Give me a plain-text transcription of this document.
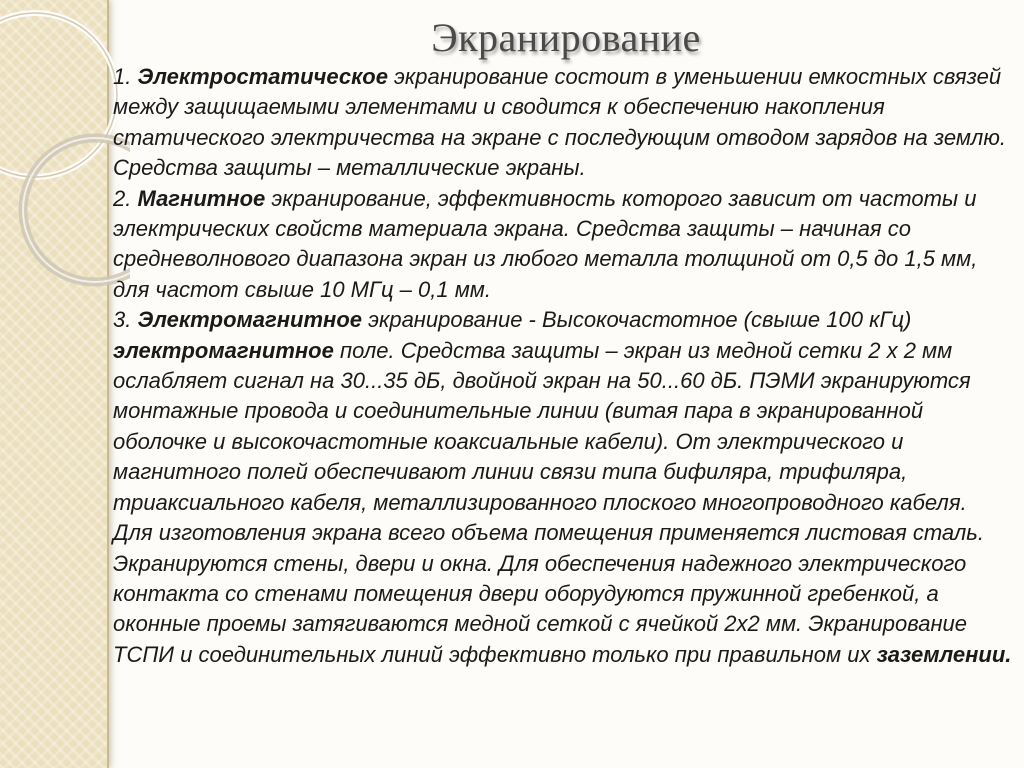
Экранирование

1. Электростатическое экранирование состоит в уменьшении емкостных связей между защищаемыми элементами и сводится к обеспечению накопления статического электричества на экране с последующим отводом зарядов на землю. Средства защиты – металлические экраны.

2. Магнитное экранирование, эффективность которого зависит от частоты и электрических свойств материала экрана. Средства защиты – начиная со средневолнового диапазона экран из любого металла толщиной от 0,5 до 1,5 мм, для частот свыше 10 МГц – 0,1 мм.

3. Электромагнитное экранирование - Высокочастотное (свыше 100 кГц) электромагнитное поле. Средства защиты – экран из медной сетки 2 х 2 мм ослабляет сигнал на 30...35 дБ, двойной экран на 50...60 дБ. ПЭМИ экранируются монтажные провода и соединительные линии (витая пара в экранированной оболочке и высокочастотные коаксиальные кабели). От электрического и магнитного полей обеспечивают линии связи типа бифиляра, трифиляра, триаксиального кабеля, металлизированного плоского многопроводного кабеля.

Для изготовления экрана всего объема помещения применяется листовая сталь. Экранируются стены, двери и окна. Для обеспечения надежного электрического контакта со стенами помещения двери оборудуются пружинной гребенкой, а оконные проемы затягиваются медной сеткой с ячейкой 2х2 мм. Экранирование ТСПИ и соединительных линий эффективно только при правильном их заземлении.
